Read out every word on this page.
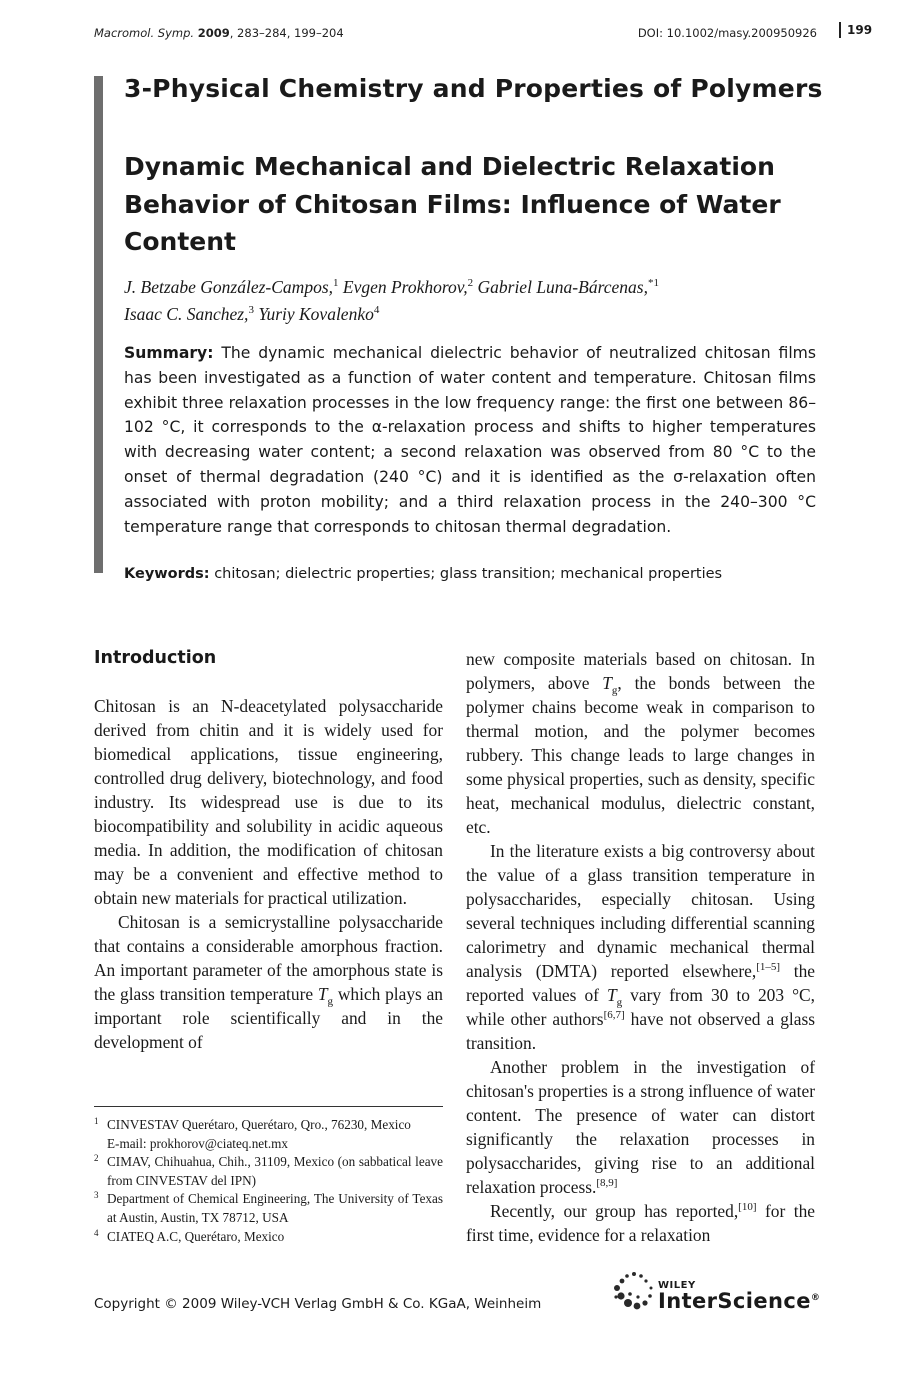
Macromol. Symp. 2009, 283–284, 199–204	DOI: 10.1002/masy.200950926	199
3-Physical Chemistry and Properties of Polymers
Dynamic Mechanical and Dielectric Relaxation
Behavior of Chitosan Films: Influence of Water
Content
J. Betzabe González-Campos,$^1$ Evgen Prokhorov,$^2$ Gabriel Luna-Bárcenas,$^{*1}$
Isaac C. Sanchez,$^3$ Yuriy Kovalenko$^4$
Summary: The dynamic mechanical dielectric behavior of neutralized chitosan films has been investigated as a function of water content and temperature. Chitosan films exhibit three relaxation processes in the low frequency range: the first one between 86–102 °C, it corresponds to the α-relaxation process and shifts to higher temperatures with decreasing water content; a second relaxation was observed from 80 °C to the onset of thermal degradation (240 °C) and it is identified as the σ-relaxation often associated with proton mobility; and a third relaxation process in the 240–300 °C temperature range that corresponds to chitosan thermal degradation.
Keywords: chitosan; dielectric properties; glass transition; mechanical properties
Introduction

Chitosan is an N-deacetylated polysaccharide derived from chitin and it is widely used for biomedical applications, tissue engineering, controlled drug delivery, biotechnology, and food industry. Its widespread use is due to its biocompatibility and solubility in acidic aqueous media. In addition, the modification of chitosan may be a convenient and effective method to obtain new materials for practical utilization.

Chitosan is a semicrystalline polysaccharide that contains a considerable amorphous fraction. An important parameter of the amorphous state is the glass transition temperature $T_g$ which plays an important role scientifically and in the development of

new composite materials based on chitosan. In polymers, above $T_g$, the bonds between the polymer chains become weak in comparison to thermal motion, and the polymer becomes rubbery. This change leads to large changes in some physical properties, such as density, specific heat, mechanical modulus, dielectric constant, etc.

In the literature exists a big controversy about the value of a glass transition temperature in polysaccharides, especially chitosan. Using several techniques including differential scanning calorimetry and dynamic mechanical thermal analysis (DMTA) reported elsewhere,[1–5] the reported values of $T_g$ vary from 30 to 203 °C, while other authors[6,7] have not observed a glass transition.

Another problem in the investigation of chitosan's properties is a strong influence of water content. The presence of water can distort significantly the relaxation processes in polysaccharides, giving rise to an additional relaxation process.[8,9]

Recently, our group has reported,[10] for the first time, evidence for a relaxation

1 CINVESTAV Querétaro, Querétaro, Qro., 76230, Mexico
E-mail: prokhorov@ciateq.net.mx
2 CIMAV, Chihuahua, Chih., 31109, Mexico (on sabbatical leave from CINVESTAV del IPN)
3 Department of Chemical Engineering, The University of Texas at Austin, Austin, TX 78712, USA
4 CIATEQ A.C, Querétaro, Mexico
Copyright © 2009 Wiley-VCH Verlag GmbH & Co. KGaA, Weinheim
WILEY
InterScience®
